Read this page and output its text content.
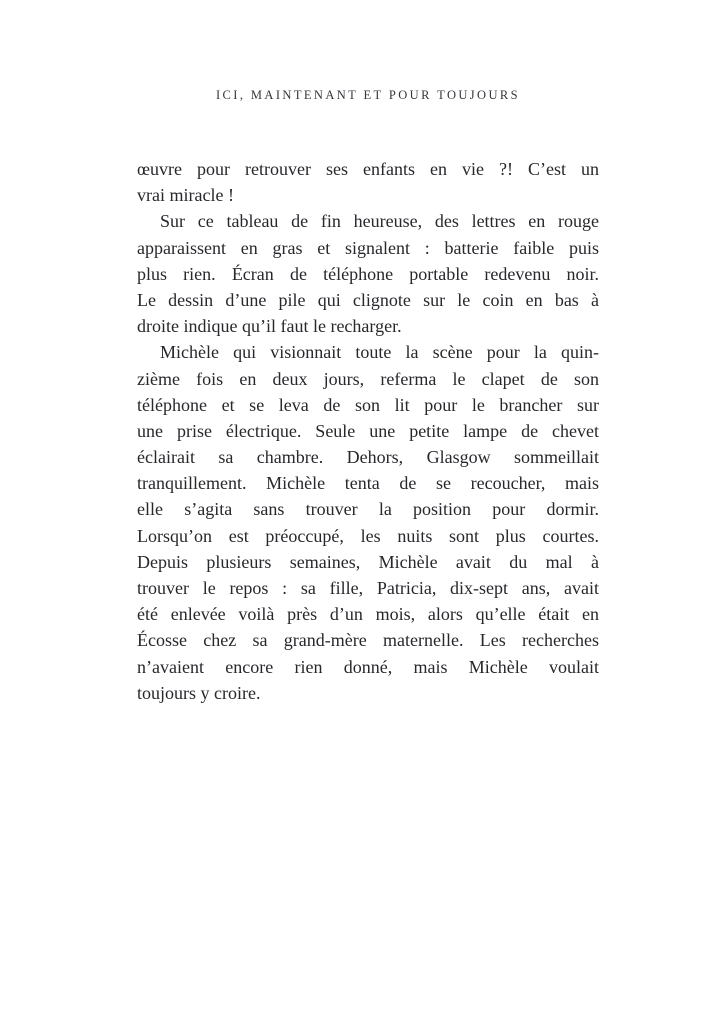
ICI, MAINTENANT ET POUR TOUJOURS
œuvre pour retrouver ses enfants en vie ?! C’est un
vrai miracle !
Sur ce tableau de fin heureuse, des lettres en rouge
apparaissent en gras et signalent : batterie faible puis
plus rien. Écran de téléphone portable redevenu noir.
Le dessin d’une pile qui clignote sur le coin en bas à
droite indique qu’il faut le recharger.
Michèle qui visionnait toute la scène pour la quin-
zième fois en deux jours, referma le clapet de son
téléphone et se leva de son lit pour le brancher sur
une prise électrique. Seule une petite lampe de chevet
éclairait sa chambre. Dehors, Glasgow sommeillait
tranquillement. Michèle tenta de se recoucher, mais
elle s’agita sans trouver la position pour dormir.
Lorsqu’on est préoccupé, les nuits sont plus courtes.
Depuis plusieurs semaines, Michèle avait du mal à
trouver le repos : sa fille, Patricia, dix-sept ans, avait
été enlevée voilà près d’un mois, alors qu’elle était en
Écosse chez sa grand-mère maternelle. Les recherches
n’avaient encore rien donné, mais Michèle voulait
toujours y croire.
